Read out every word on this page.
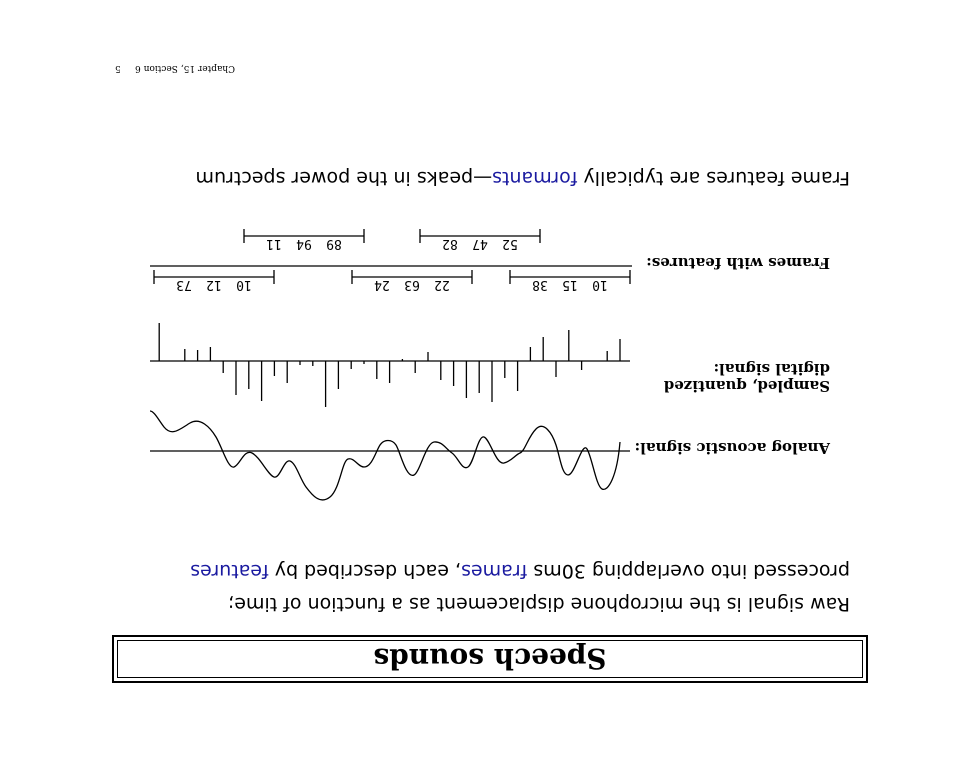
Speech sounds
Raw signal is the microphone displacement as a function of time;
processed into overlapping 30ms frames, each described by features
Analog acoustic signal:
Sampled, quantized
digital signal:
Frames with features:
10
15
38
22
63
24
10
12
73
52
47
82
89
94
11
Frame features are typically formants—peaks in the power spectrum
Chapter 15, Section 6     5
